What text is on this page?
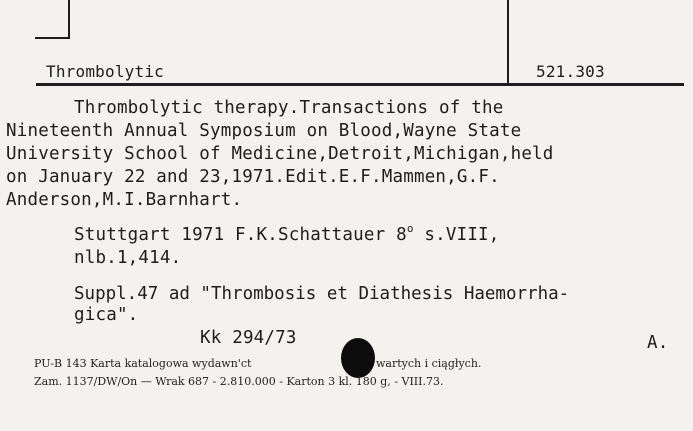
Thrombolytic	521.303
Thrombolytic therapy.Transactions of the
Nineteenth Annual Symposium on Blood,Wayne State
University School of Medicine,Detroit,Michigan,held
on January 22 and 23,1971.Edit.E.F.Mammen,G.F.
Anderson,M.I.Barnhart.
Stuttgart 1971 F.K.Schattauer 8$^o$ s.VIII,
nlb.1,414.
Suppl.47 ad "Thrombosis et Diathesis Haemorrha-
gica".
Kk 294/73	A.
PU-B 143 Karta katalogowa wydawn'ct	wartych i ciągłych.
Zam. 1137/DW/On — Wrak 687 - 2.810.000 - Karton 3 kl. 180 g, - VIII.73.
